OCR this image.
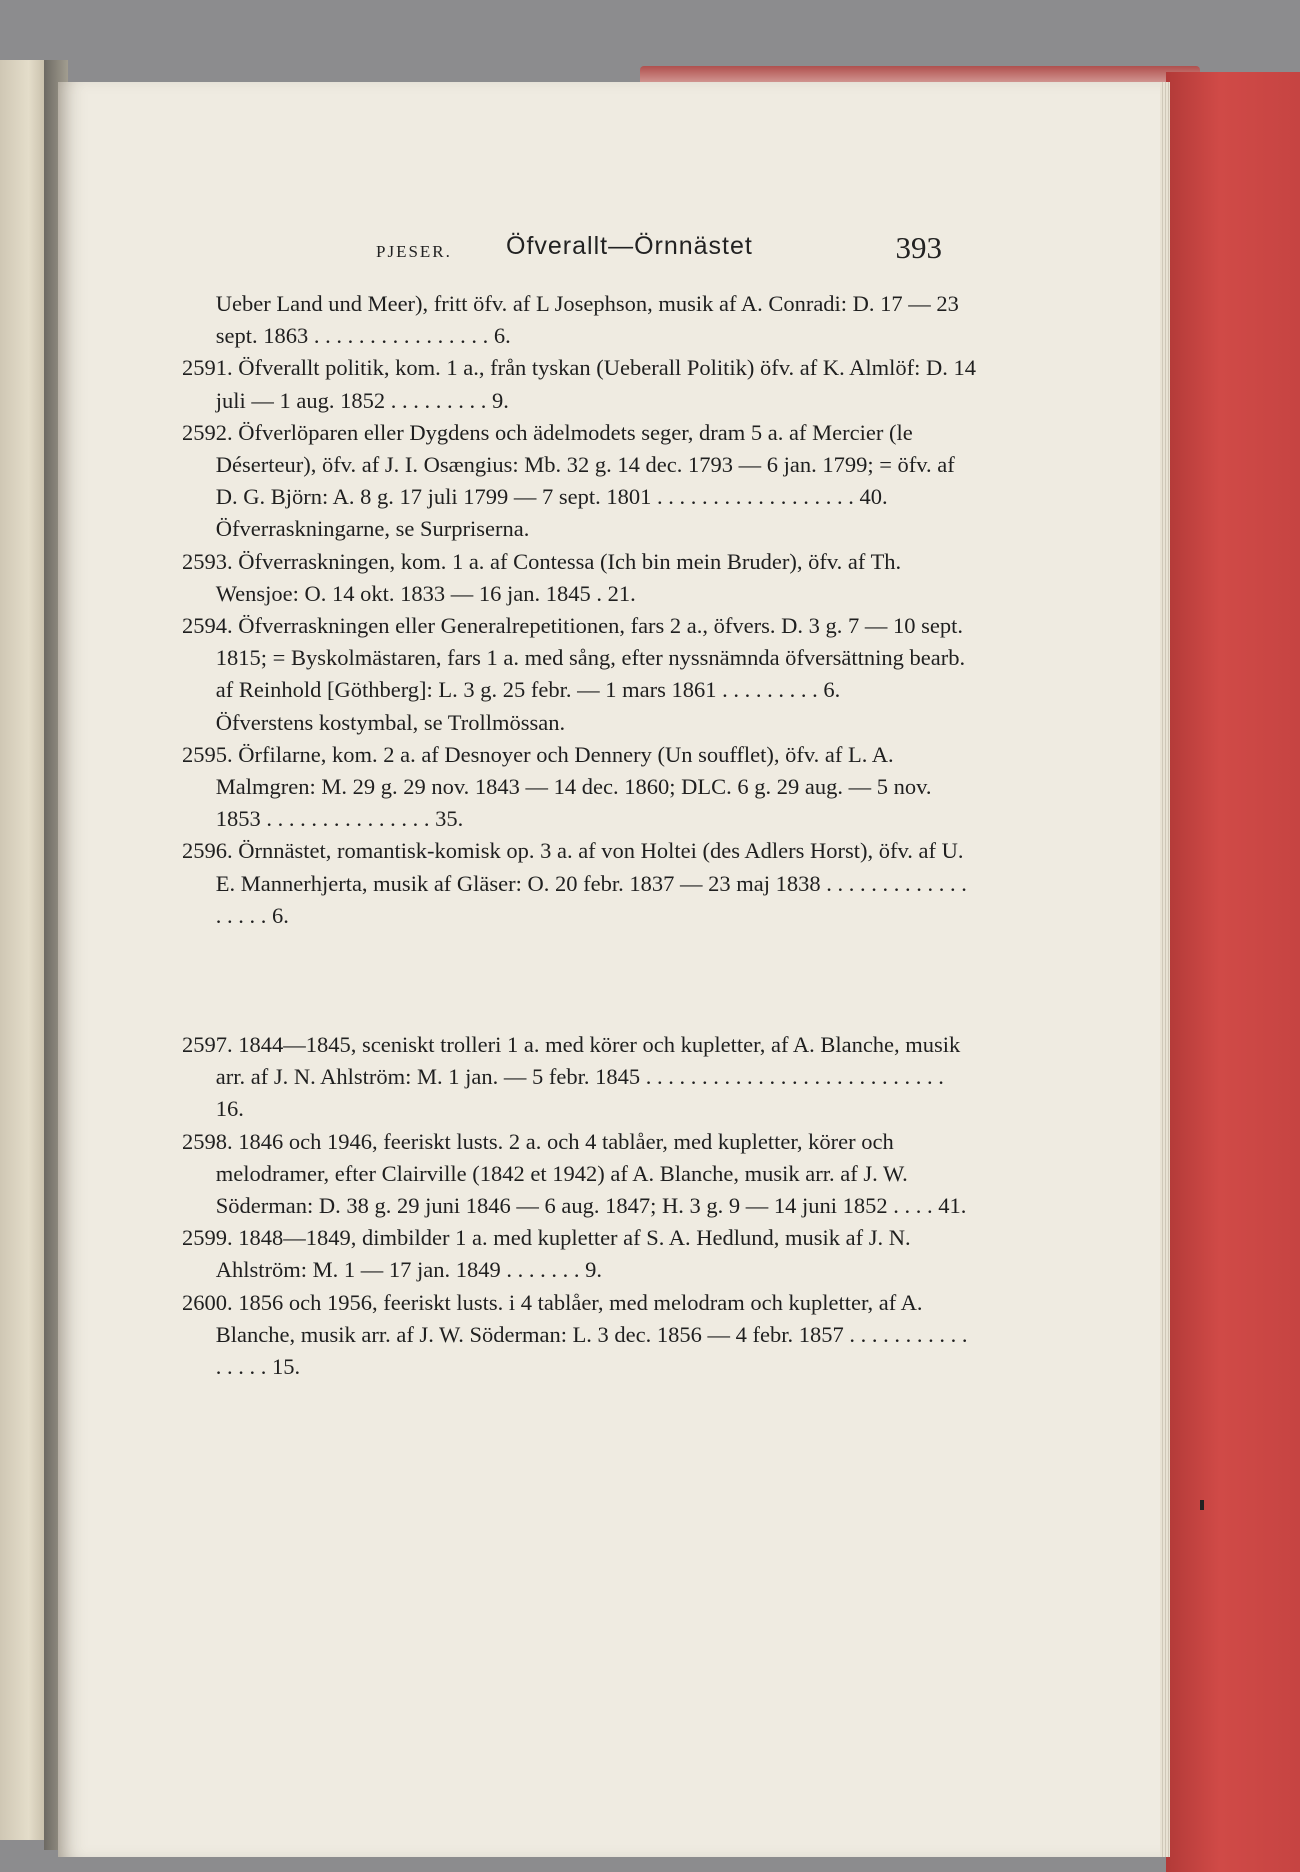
PJESER. Öfverallt—Örnnästet	393
Ueber Land und Meer), fritt öfv. af L Josephson, musik af A. Conradi: D. 17 — 23 sept. 1863 . . . . . . . . . . . . . . . . 6.
2591. Öfverallt politik, kom. 1 a., från tyskan (Ueberall Politik) öfv. af K. Almlöf: D. 14 juli — 1 aug. 1852 . . . . . . . . . 9.
2592. Öfverlöparen eller Dygdens och ädelmodets seger, dram 5 a. af Mercier (le Déserteur), öfv. af J. I. Osængius: Mb. 32 g. 14 dec. 1793 — 6 jan. 1799; = öfv. af D. G. Björn: A. 8 g. 17 juli 1799 — 7 sept. 1801 . . . . . . . . . . . . . . . . . . 40.
Öfverraskningarne, se Surpriserna.
2593. Öfverraskningen, kom. 1 a. af Contessa (Ich bin mein Bruder), öfv. af Th. Wensjoe: O. 14 okt. 1833 — 16 jan. 1845 . 21.
2594. Öfverraskningen eller Generalrepetitionen, fars 2 a., öfvers. D. 3 g. 7 — 10 sept. 1815; = Byskolmästaren, fars 1 a. med sång, efter nyssnämnda öfversättning bearb. af Reinhold [Göthberg]: L. 3 g. 25 febr. — 1 mars 1861 . . . . . . . . . 6.
Öfverstens kostymbal, se Trollmössan.
2595. Örfilarne, kom. 2 a. af Desnoyer och Dennery (Un soufflet), öfv. af L. A. Malmgren: M. 29 g. 29 nov. 1843 — 14 dec. 1860; DLC. 6 g. 29 aug. — 5 nov. 1853 . . . . . . . . . . . . . . . 35.
2596. Örnnästet, romantisk-komisk op. 3 a. af von Holtei (des Adlers Horst), öfv. af U. E. Mannerhjerta, musik af Gläser: O. 20 febr. 1837 — 23 maj 1838 . . . . . . . . . . . . . . . . . . 6.
2597. 1844—1845, sceniskt trolleri 1 a. med körer och kupletter, af A. Blanche, musik arr. af J. N. Ahlström: M. 1 jan. — 5 febr. 1845 . . . . . . . . . . . . . . . . . . . . . . . . . . . 16.
2598. 1846 och 1946, feeriskt lusts. 2 a. och 4 tablåer, med kupletter, körer och melodramer, efter Clairville (1842 et 1942) af A. Blanche, musik arr. af J. W. Söderman: D. 38 g. 29 juni 1846 — 6 aug. 1847; H. 3 g. 9 — 14 juni 1852 . . . . 41.
2599. 1848—1849, dimbilder 1 a. med kupletter af S. A. Hedlund, musik af J. N. Ahlström: M. 1 — 17 jan. 1849 . . . . . . . 9.
2600. 1856 och 1956, feeriskt lusts. i 4 tablåer, med melodram och kupletter, af A. Blanche, musik arr. af J. W. Söderman: L. 3 dec. 1856 — 4 febr. 1857 . . . . . . . . . . . . . . . . 15.
